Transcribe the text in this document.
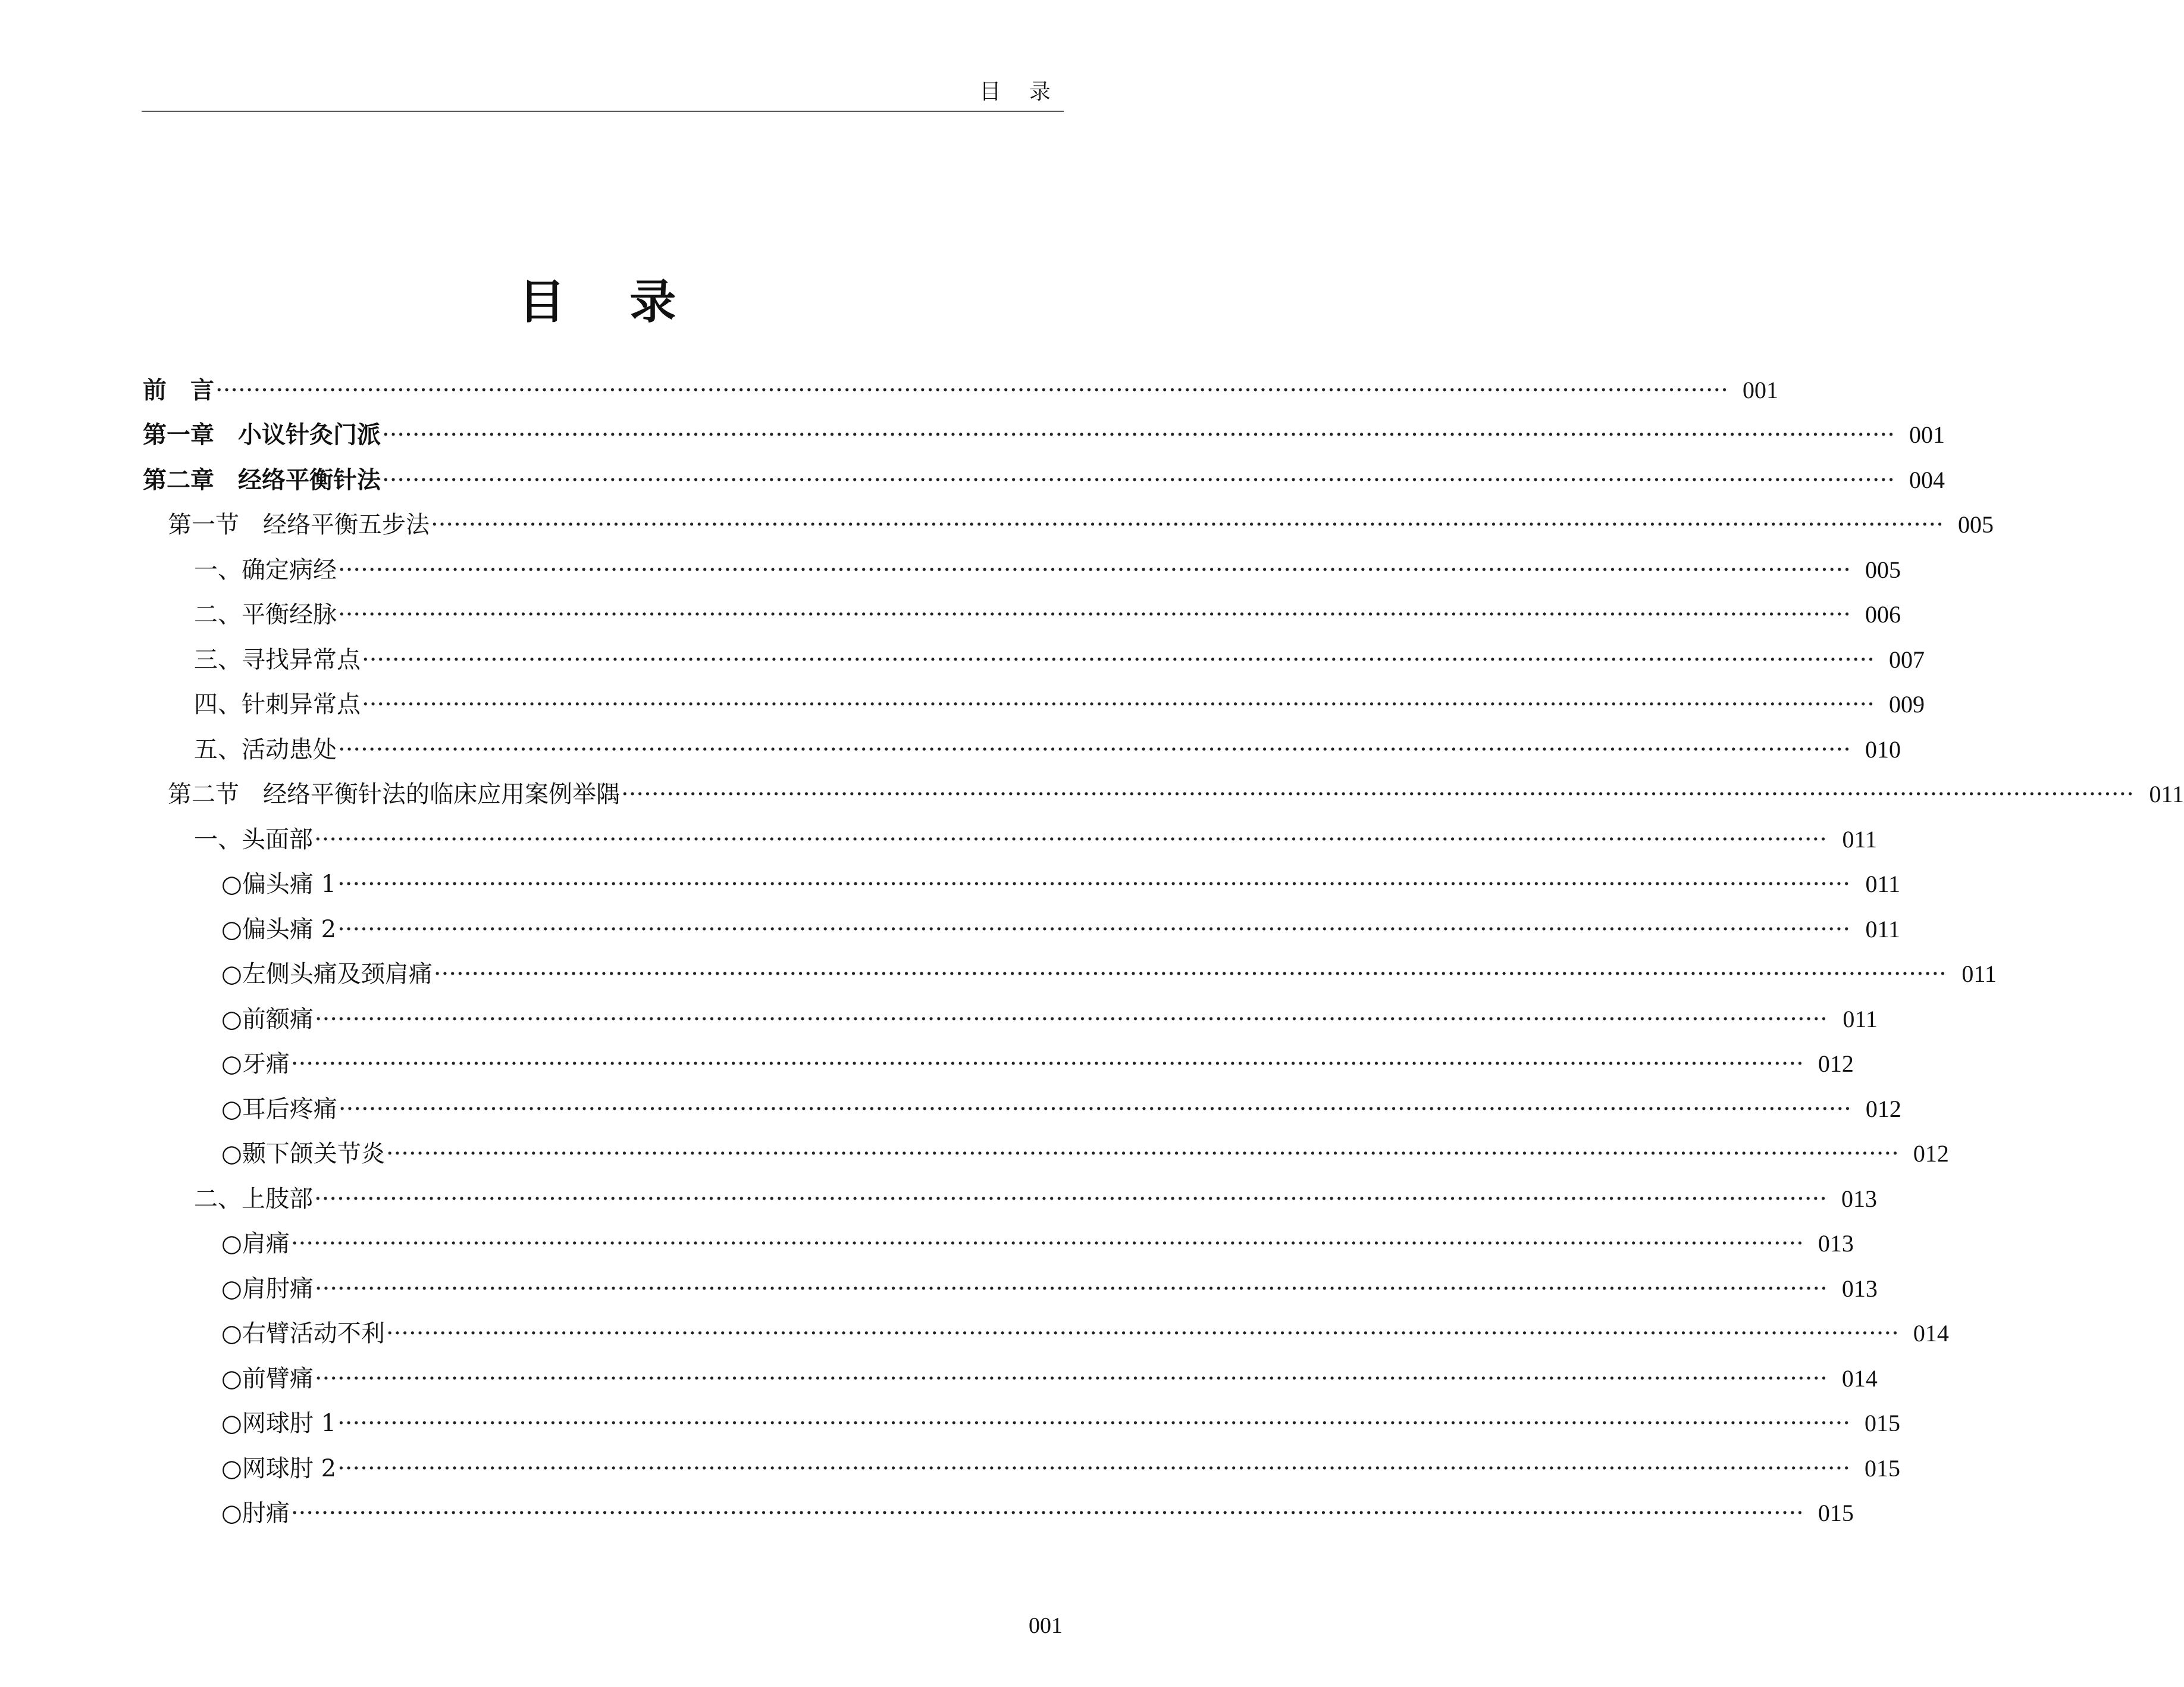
目 录
目    录
前　言 ········································································································································································································ 001
第一章　小议针灸门派 ········································································································································································································ 001
第二章　经络平衡针法 ········································································································································································································ 004
第一节　经络平衡五步法 ········································································································································································································ 005
一、确定病经 ········································································································································································································ 005
二、平衡经脉 ········································································································································································································ 006
三、寻找异常点 ········································································································································································································ 007
四、针刺异常点 ········································································································································································································ 009
五、活动患处 ········································································································································································································ 010
第二节　经络平衡针法的临床应用案例举隅 ········································································································································································································ 011
一、头面部 ········································································································································································································ 011
○偏头痛 1 ········································································································································································································ 011
○偏头痛 2 ········································································································································································································ 011
○左侧头痛及颈肩痛 ········································································································································································································ 011
○前额痛 ········································································································································································································ 011
○牙痛 ········································································································································································································ 012
○耳后疼痛 ········································································································································································································ 012
○颞下颌关节炎 ········································································································································································································ 012
二、上肢部 ········································································································································································································ 013
○肩痛 ········································································································································································································ 013
○肩肘痛 ········································································································································································································ 013
○右臂活动不利 ········································································································································································································ 014
○前臂痛 ········································································································································································································ 014
○网球肘 1 ········································································································································································································ 015
○网球肘 2 ········································································································································································································ 015
○肘痛 ········································································································································································································ 015
001
